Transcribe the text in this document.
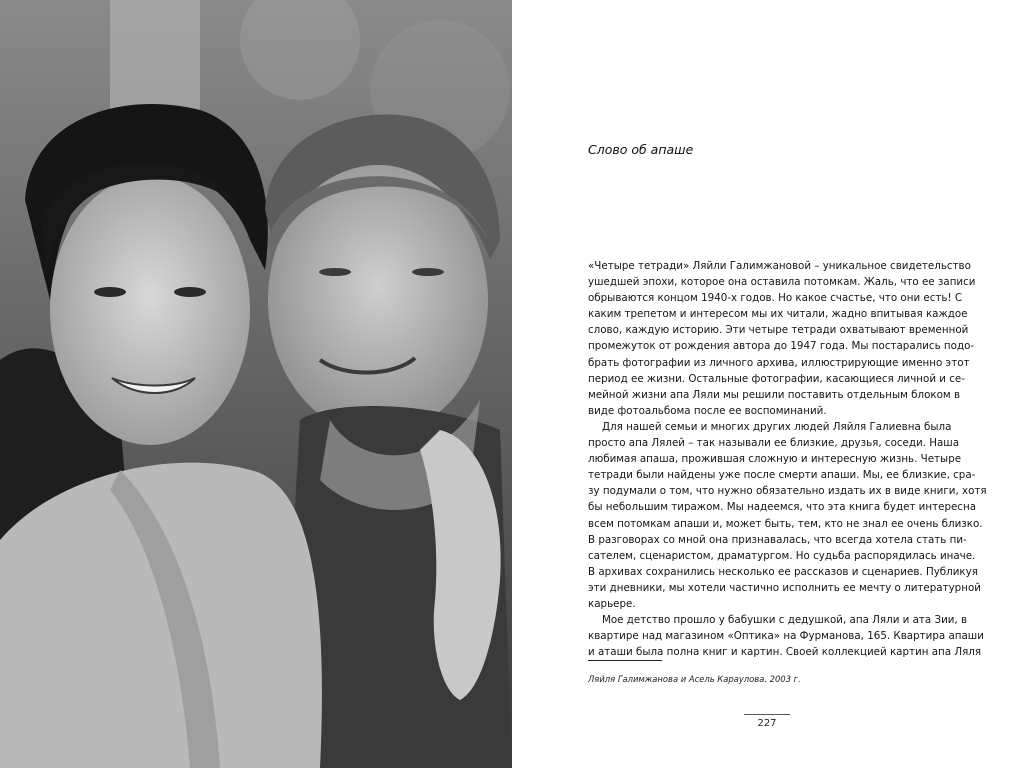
Слово об апаше
«Четыре тетради» Ляйли Галимжановой – уникальное свидетельство
ушедшей эпохи, которое она оставила потомкам. Жаль, что ее записи
обрываются концом 1940-х годов. Но какое счастье, что они есть! С
каким трепетом и интересом мы их читали, жадно впитывая каждое
слово, каждую историю. Эти четыре тетради охватывают временной
промежуток от рождения автора до 1947 года. Мы постарались подо-
брать фотографии из личного архива, иллюстрирующие именно этот
период ее жизни. Остальные фотографии, касающиеся личной и се-
мейной жизни апа Ляли мы решили поставить отдельным блоком в
виде фотоальбома после ее воспоминаний.
Для нашей семьи и многих других людей Ляйля Галиевна была
просто апа Лялей – так называли ее близкие, друзья, соседи. Наша
любимая апаша, прожившая сложную и интересную жизнь. Четыре
тетради были найдены уже после смерти апаши. Мы, ее близкие, сра-
зу подумали о том, что нужно обязательно издать их в виде книги, хотя
бы небольшим тиражом. Мы надеемся, что эта книга будет интересна
всем потомкам апаши и, может быть, тем, кто не знал ее очень близко.
В разговорах со мной она признавалась, что всегда хотела стать пи-
сателем, сценаристом, драматургом. Но судьба распорядилась иначе.
В архивах сохранились несколько ее рассказов и сценариев. Публикуя
эти дневники, мы хотели частично исполнить ее мечту о литературной
карьере.
Мое детство прошло у бабушки с дедушкой, апа Ляли и ата Зии, в
квартире над магазином «Оптика» на Фурманова, 165. Квартира апаши
и аташи была полна книг и картин. Своей коллекцией картин апа Ляля
Ляйля Галимжанова и Асель Караулова. 2003 г.
227
